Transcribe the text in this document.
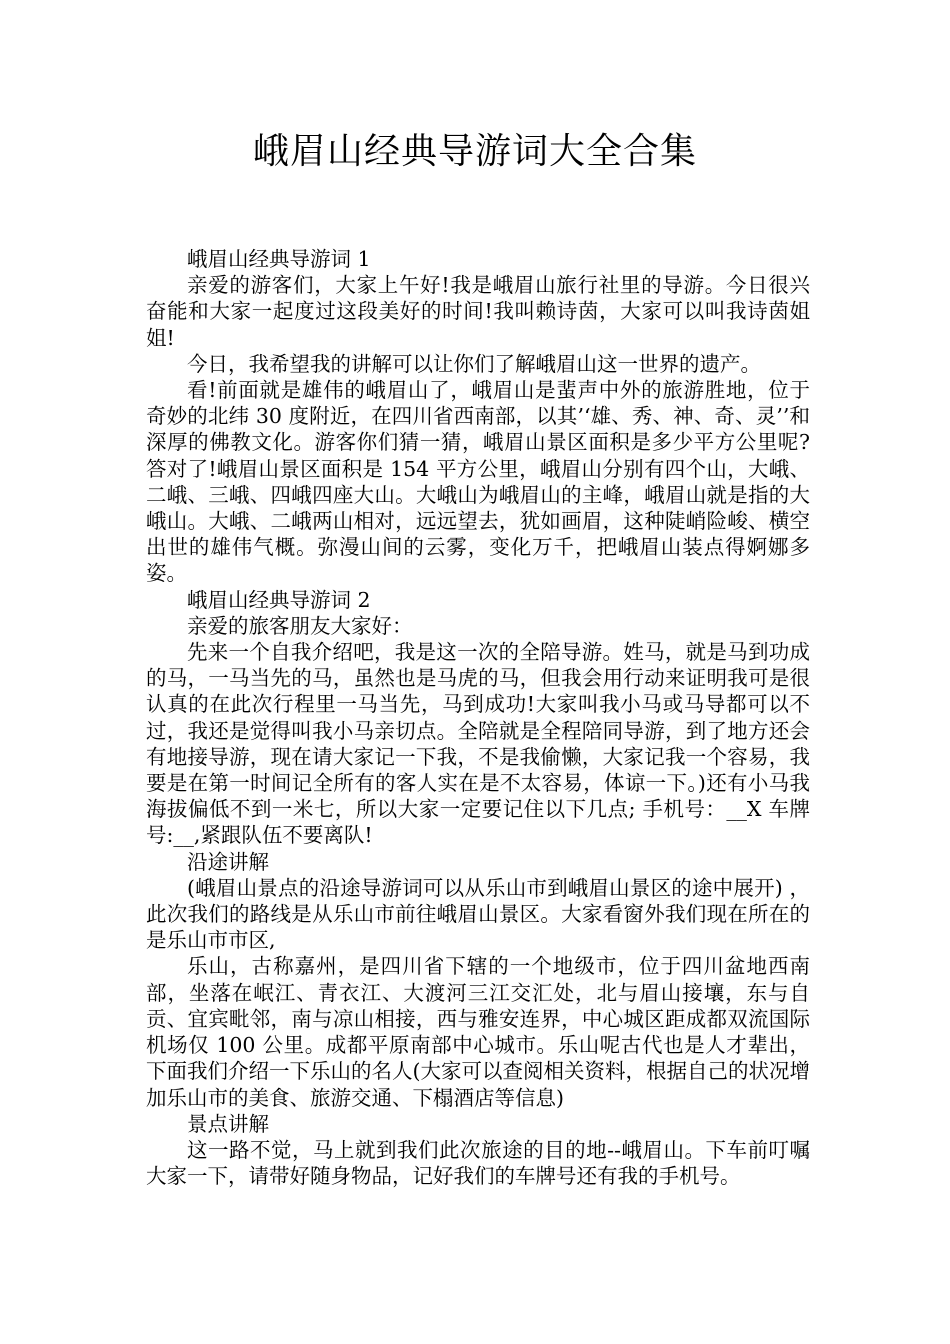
峨眉山经典导游词大全合集

峨眉山经典导游词 1

亲爱的游客们，大家上午好!我是峨眉山旅行社里的导游。今日很兴奋能和大家一起度过这段美好的时间!我叫赖诗茵，大家可以叫我诗茵姐姐!

今日，我希望我的讲解可以让你们了解峨眉山这一世界的遗产。

看!前面就是雄伟的峨眉山了，峨眉山是蜚声中外的旅游胜地，位于奇妙的北纬 30 度附近，在四川省西南部，以其’‘雄、秀、神、奇、灵’’和深厚的佛教文化。游客你们猜一猜，峨眉山景区面积是多少平方公里呢?答对了!峨眉山景区面积是 154 平方公里，峨眉山分别有四个山，大峨、二峨、三峨、四峨四座大山。大峨山为峨眉山的主峰，峨眉山就是指的大峨山。大峨、二峨两山相对，远远望去，犹如画眉，这种陡峭险峻、横空出世的雄伟气概。弥漫山间的云雾，变化万千，把峨眉山装点得婀娜多姿。

峨眉山经典导游词 2

亲爱的旅客朋友大家好：

先来一个自我介绍吧，我是这一次的全陪导游。姓马，就是马到功成的马，一马当先的马，虽然也是马虎的马，但我会用行动来证明我可是很认真的在此次行程里一马当先，马到成功!大家叫我小马或马导都可以不过，我还是觉得叫我小马亲切点。全陪就是全程陪同导游，到了地方还会有地接导游，现在请大家记一下我，不是我偷懒，大家记我一个容易，我要是在第一时间记全所有的客人实在是不太容易，体谅一下。)还有小马我海拔偏低不到一米七，所以大家一定要记住以下几点; 手机号：__X 车牌号:__,紧跟队伍不要离队!

沿途讲解

(峨眉山景点的沿途导游词可以从乐山市到峨眉山景区的途中展开) ，此次我们的路线是从乐山市前往峨眉山景区。大家看窗外我们现在所在的是乐山市市区,

乐山，古称嘉州，是四川省下辖的一个地级市，位于四川盆地西南部，坐落在岷江、青衣江、大渡河三江交汇处，北与眉山接壤，东与自贡、宜宾毗邻，南与凉山相接，西与雅安连界，中心城区距成都双流国际机场仅 100 公里。成都平原南部中心城市。乐山呢古代也是人才辈出，下面我们介绍一下乐山的名人(大家可以查阅相关资料，根据自己的状况增加乐山市的美食、旅游交通、下榻酒店等信息)

景点讲解

这一路不觉，马上就到我们此次旅途的目的地--峨眉山。下车前叮嘱大家一下，请带好随身物品，记好我们的车牌号还有我的手机号。
